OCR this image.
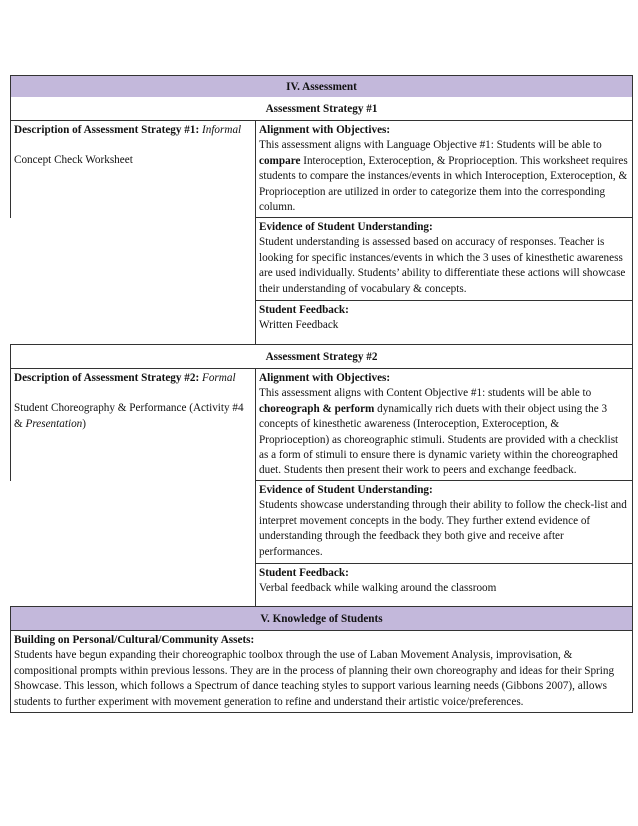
IV. Assessment
Assessment Strategy #1

Description of Assessment Strategy #1: Informal

Concept Check Worksheet

Alignment with Objectives:

This assessment aligns with Language Objective #1: Students will be able to compare Interoception, Exteroception, & Proprioception. This worksheet requires students to compare the instances/events in which Interoception, Exteroception, & Proprioception are utilized in order to categorize them into the corresponding column.

Evidence of Student Understanding:

Student understanding is assessed based on accuracy of responses. Teacher is looking for specific instances/events in which the 3 uses of kinesthetic awareness are used individually. Students’ ability to differentiate these actions will showcase their understanding of vocabulary & concepts.

Student Feedback:

Written Feedback

Assessment Strategy #2

Description of Assessment Strategy #2: Formal

Student Choreography & Performance (Activity #4 & Presentation)

Alignment with Objectives:

This assessment aligns with Content Objective #1: students will be able to choreograph & perform dynamically rich duets with their object using the 3 concepts of kinesthetic awareness (Interoception, Exteroception, & Proprioception) as choreographic stimuli. Students are provided with a checklist as a form of stimuli to ensure there is dynamic variety within the choreographed duet. Students then present their work to peers and exchange feedback.

Evidence of Student Understanding:

Students showcase understanding through their ability to follow the check-list and interpret movement concepts in the body. They further extend evidence of understanding through the feedback they both give and receive after performances.

Student Feedback:

Verbal feedback while walking around the classroom

V. Knowledge of Students

Building on Personal/Cultural/Community Assets:

Students have begun expanding their choreographic toolbox through the use of Laban Movement Analysis, improvisation, & compositional prompts within previous lessons. They are in the process of planning their own choreography and ideas for their Spring Showcase. This lesson, which follows a Spectrum of dance teaching styles to support various learning needs (Gibbons 2007), allows students to further experiment with movement generation to refine and understand their artistic voice/preferences.
